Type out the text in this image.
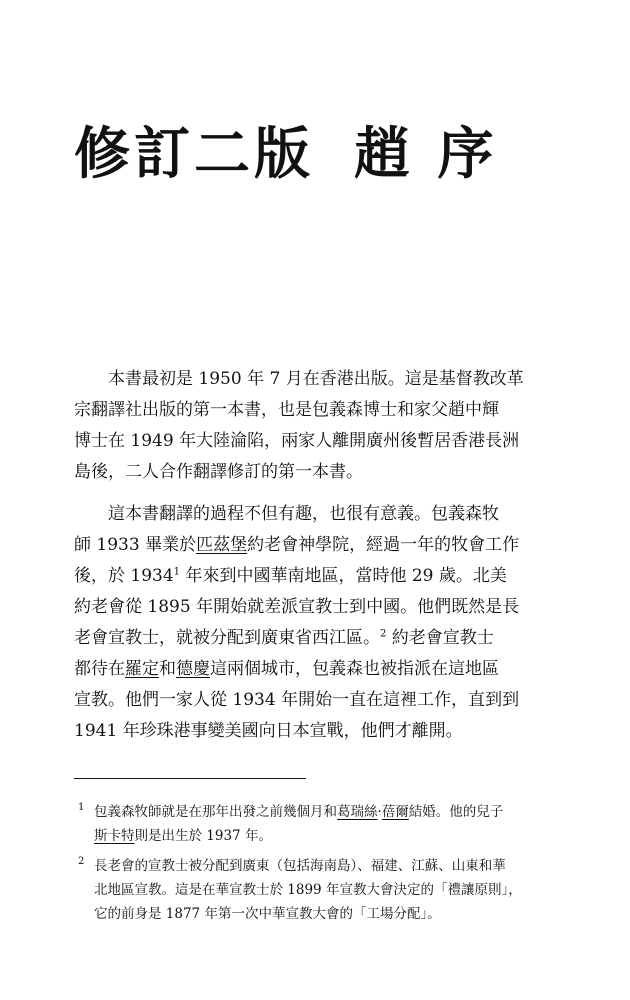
修訂二版 趙 序

本書最初是 1950 年 7 月在香港出版。這是基督教改革
宗翻譯社出版的第一本書，也是包義森博士和家父趙中輝
博士在 1949 年大陸淪陷，兩家人離開廣州後暫居香港長洲
島後，二人合作翻譯修訂的第一本書。

這本書翻譯的過程不但有趣，也很有意義。包義森牧
師 1933 畢業於匹茲堡約老會神學院，經過一年的牧會工作
後，於 1934$^1$ 年來到中國華南地區，當時他 29 歲。北美
約老會從 1895 年開始就差派宣教士到中國。他們既然是長
老會宣教士，就被分配到廣東省西江區。$^2$ 約老會宣教士
都待在羅定和德慶這兩個城市，包義森也被指派在這地區
宣教。他們一家人從 1934 年開始一直在這裡工作，直到到
1941 年珍珠港事變美國向日本宣戰，他們才離開。

1 包義森牧師就是在那年出發之前幾個月和葛瑞絲·蓓爾結婚。他的兒子
斯卡特則是出生於 1937 年。
2 長老會的宣教士被分配到廣東（包括海南島）、福建、江蘇、山東和華
北地區宣教。這是在華宣教士於 1899 年宣教大會決定的「禮讓原則」，
它的前身是 1877 年第一次中華宣教大會的「工場分配」。
